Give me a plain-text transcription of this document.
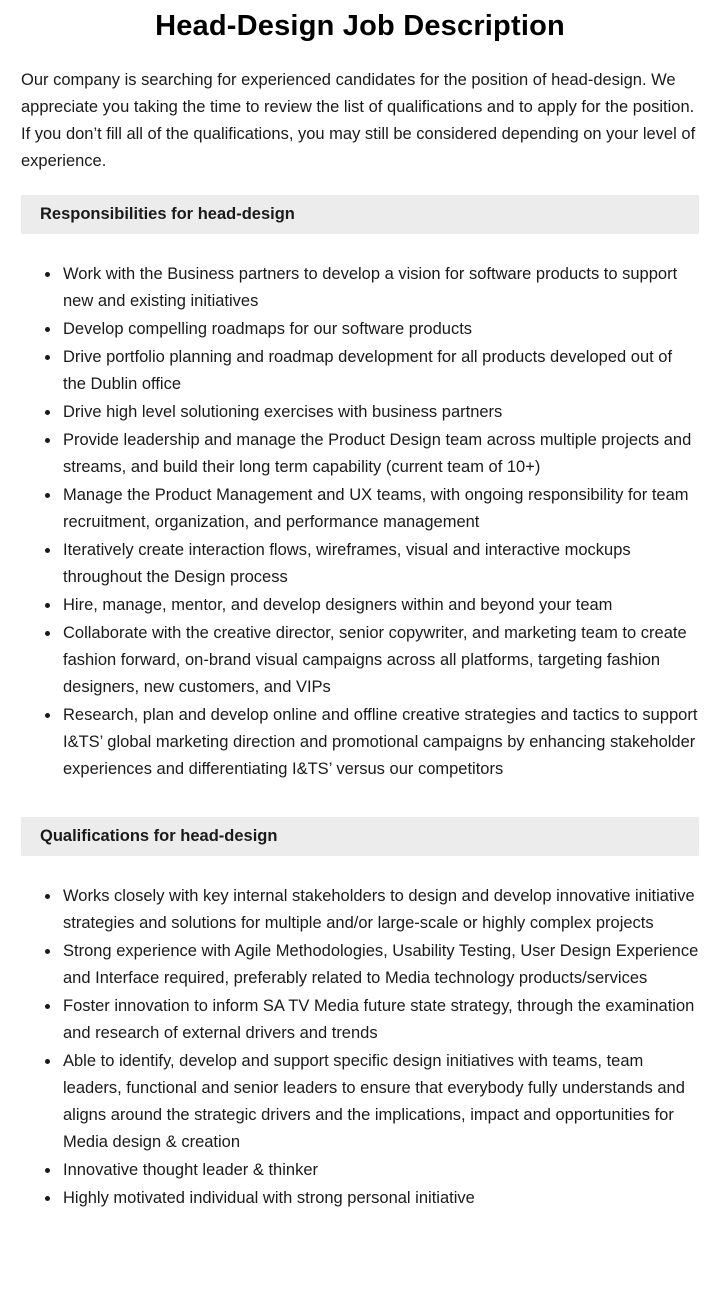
Head-Design Job Description

Our company is searching for experienced candidates for the position of head-design. We appreciate you taking the time to review the list of qualifications and to apply for the position. If you don’t fill all of the qualifications, you may still be considered depending on your level of experience.

Responsibilities for head-design
• Work with the Business partners to develop a vision for software products to support new and existing initiatives
• Develop compelling roadmaps for our software products
• Drive portfolio planning and roadmap development for all products developed out of the Dublin office
• Drive high level solutioning exercises with business partners
• Provide leadership and manage the Product Design team across multiple projects and streams, and build their long term capability (current team of 10+)
• Manage the Product Management and UX teams, with ongoing responsibility for team recruitment, organization, and performance management
• Iteratively create interaction flows, wireframes, visual and interactive mockups throughout the Design process
• Hire, manage, mentor, and develop designers within and beyond your team
• Collaborate with the creative director, senior copywriter, and marketing team to create fashion forward, on-brand visual campaigns across all platforms, targeting fashion designers, new customers, and VIPs
• Research, plan and develop online and offline creative strategies and tactics to support I&TS’ global marketing direction and promotional campaigns by enhancing stakeholder experiences and differentiating I&TS’ versus our competitors
Qualifications for head-design
• Works closely with key internal stakeholders to design and develop innovative initiative strategies and solutions for multiple and/or large-scale or highly complex projects
• Strong experience with Agile Methodologies, Usability Testing, User Design Experience and Interface required, preferably related to Media technology products/services
• Foster innovation to inform SA TV Media future state strategy, through the examination and research of external drivers and trends
• Able to identify, develop and support specific design initiatives with teams, team leaders, functional and senior leaders to ensure that everybody fully understands and aligns around the strategic drivers and the implications, impact and opportunities for Media design & creation
• Innovative thought leader & thinker
• Highly motivated individual with strong personal initiative
